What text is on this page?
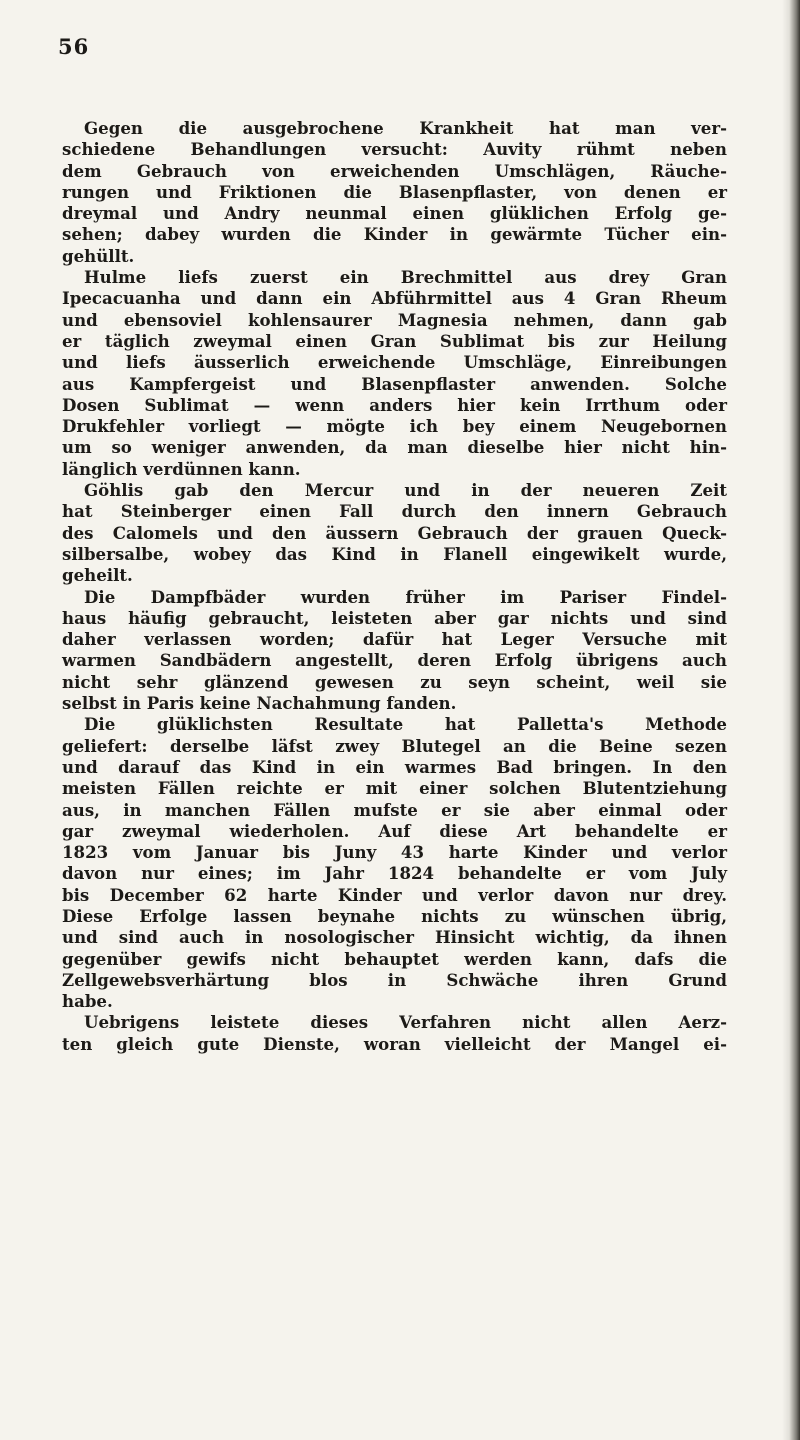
56
Gegen die ausgebrochene Krankheit hat man ver-
schiedene Behandlungen versucht: Auvity rühmt neben
dem Gebrauch von erweichenden Umschlägen, Räuche-
rungen und Friktionen die Blasenpflaster, von denen er
dreymal und Andry neunmal einen glüklichen Erfolg ge-
sehen; dabey wurden die Kinder in gewärmte Tücher ein-
gehüllt.
Hulme liefs zuerst ein Brechmittel aus drey Gran
Ipecacuanha und dann ein Abführmittel aus 4 Gran Rheum
und ebensoviel kohlensaurer Magnesia nehmen, dann gab
er täglich zweymal einen Gran Sublimat bis zur Heilung
und liefs äusserlich erweichende Umschläge, Einreibungen
aus Kampfergeist und Blasenpflaster anwenden. Solche
Dosen Sublimat — wenn anders hier kein Irrthum oder
Drukfehler vorliegt — mögte ich bey einem Neugebornen
um so weniger anwenden, da man dieselbe hier nicht hin-
länglich verdünnen kann.
Göhlis gab den Mercur und in der neueren Zeit
hat Steinberger einen Fall durch den innern Gebrauch
des Calomels und den äussern Gebrauch der grauen Queck-
silbersalbe, wobey das Kind in Flanell eingewikelt wurde,
geheilt.
Die Dampfbäder wurden früher im Pariser Findel-
haus häufig gebraucht, leisteten aber gar nichts und sind
daher verlassen worden; dafür hat Leger Versuche mit
warmen Sandbädern angestellt, deren Erfolg übrigens auch
nicht sehr glänzend gewesen zu seyn scheint, weil sie
selbst in Paris keine Nachahmung fanden.
Die glüklichsten Resultate hat Palletta's Methode
geliefert: derselbe läfst zwey Blutegel an die Beine sezen
und darauf das Kind in ein warmes Bad bringen. In den
meisten Fällen reichte er mit einer solchen Blutentziehung
aus, in manchen Fällen mufste er sie aber einmal oder
gar zweymal wiederholen. Auf diese Art behandelte er
1823 vom Januar bis Juny 43 harte Kinder und verlor
davon nur eines; im Jahr 1824 behandelte er vom July
bis December 62 harte Kinder und verlor davon nur drey.
Diese Erfolge lassen beynahe nichts zu wünschen übrig,
und sind auch in nosologischer Hinsicht wichtig, da ihnen
gegenüber gewifs nicht behauptet werden kann, dafs die
Zellgewebsverhärtung blos in Schwäche ihren Grund
habe.
Uebrigens leistete dieses Verfahren nicht allen Aerz-
ten gleich gute Dienste, woran vielleicht der Mangel ei-
